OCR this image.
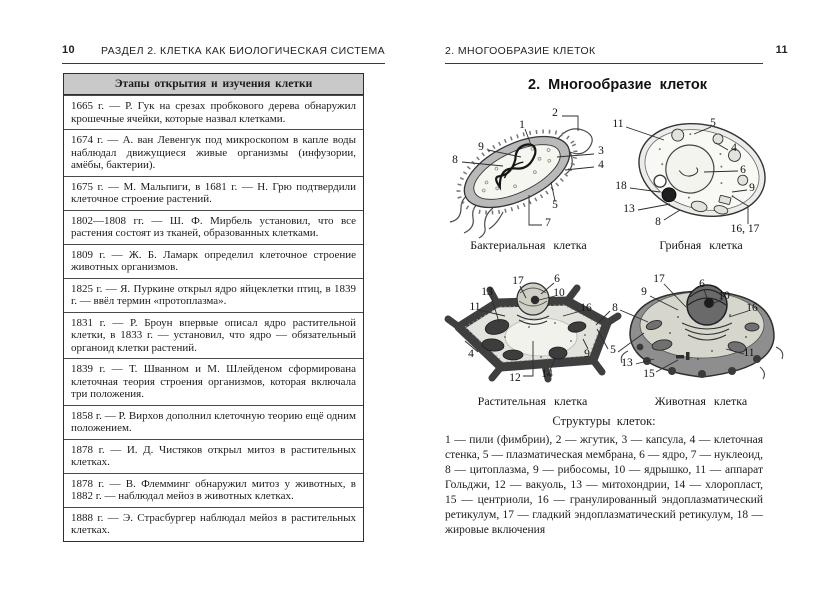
10 РАЗДЕЛ 2. КЛЕТКА КАК БИОЛОГИЧЕСКАЯ СИСТЕМА
Этапы открытия и изучения клетки
1665 г. — Р. Гук на срезах пробкового дерева обнаружил крошечные ячейки, которые назвал клетками.
1674 г. — А. ван Левенгук под микроскопом в капле воды наблюдал движущиеся живые организмы (инфузории, амёбы, бактерии).
1675 г. — М. Мальпиги, в 1681 г. — Н. Грю подтвердили клеточное строение растений.
1802—1808 гг. — Ш. Ф. Мирбель установил, что все растения состоят из тканей, образованных клетками.
1809 г. — Ж. Б. Ламарк определил клеточное строение животных организмов.
1825 г. — Я. Пуркине открыл ядро яйцеклетки птиц, в 1839 г. — ввёл термин «протоплазма».
1831 г. — Р. Броун впервые описал ядро растительной клетки, в 1833 г. — установил, что ядро — обязательный органоид клетки растений.
1839 г. — Т. Шванном и М. Шлейденом сформирована клеточная теория строения организмов, которая включала три положения.
1858 г. — Р. Вирхов дополнил клеточную теорию ещё одним положением.
1878 г. — И. Д. Чистяков открыл митоз в растительных клетках.
1878 г. — В. Флемминг обнаружил митоз у животных, в 1882 г. — наблюдал мейоз в животных клетках.
1888 г. — Э. Страсбургер наблюдал мейоз в растительных клетках.
2. МНОГООБРАЗИЕ КЛЕТОК	11
2. Многообразие клеток
2
1
9
8
3
4
5
7
Бактериальная клетка
11	5
4
6
9
18
13
8
16, 17
Грибная клетка
17	6
13	10
11	16 8
4	9 5
12 14
Растительная клетка
17	6
9	10
16
11
13
15
Животная клетка
Структуры клеток:
1 — пили (фимбрии), 2 — жгутик, 3 — капсула, 4 — клеточная стенка, 5 — плазматическая мембрана, 6 — ядро, 7 — нуклеоид, 8 — цитоплазма, 9 — рибосомы, 10 — ядрышко, 11 — аппарат Гольджи, 12 — вакуоль, 13 — митохондрии, 14 — хлоропласт, 15 — центриоли, 16 — гранулированный эндоплазматический ретикулум, 17 — гладкий эндоплазматический ретикулум, 18 — жировые включения
